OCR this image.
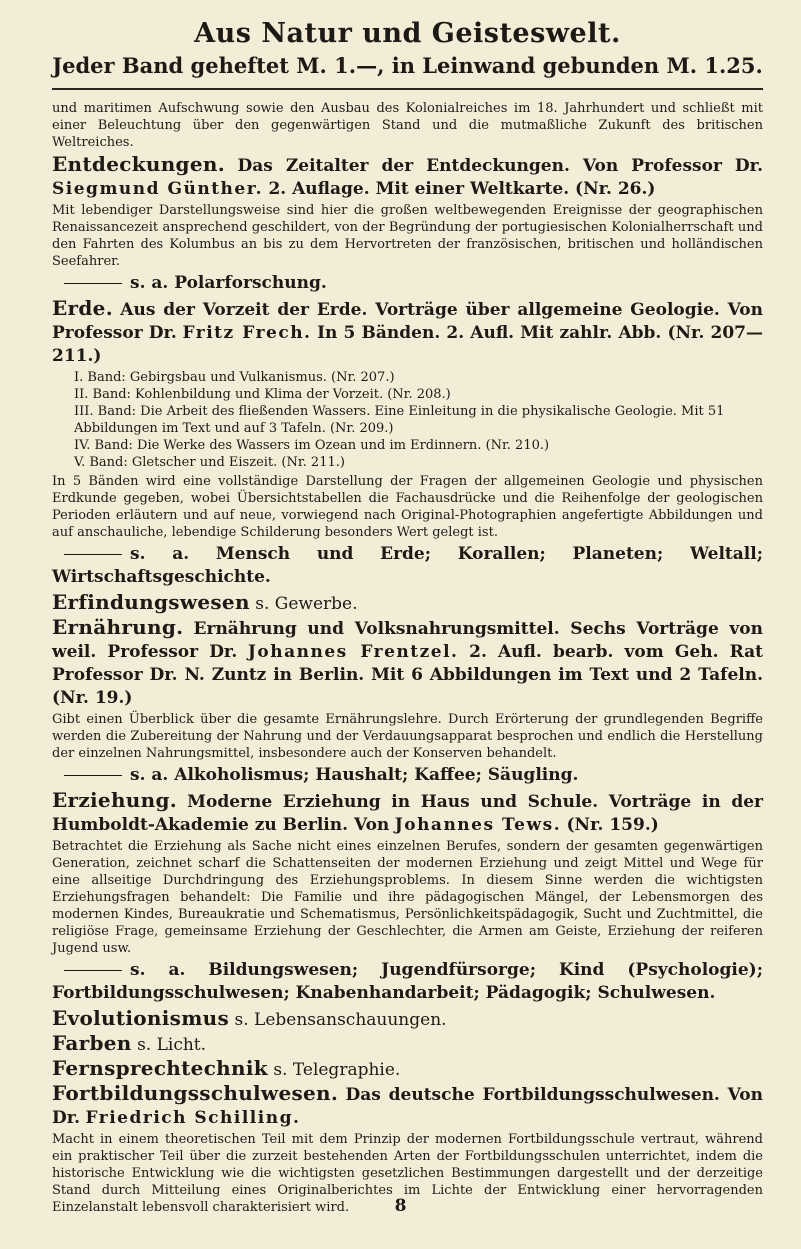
Aus Natur und Geisteswelt.
Jeder Band geheftet M. 1.—, in Leinwand gebunden M. 1.25.

und maritimen Aufschwung sowie den Ausbau des Kolonialreiches im 18. Jahrhundert und schließt mit einer Beleuchtung über den gegenwärtigen Stand und die mutmaßliche Zukunft des britischen Weltreiches.

Entdeckungen. Das Zeitalter der Entdeckungen. Von Professor Dr. Siegmund Günther. 2. Auflage. Mit einer Weltkarte. (Nr. 26.)

Mit lebendiger Darstellungsweise sind hier die großen weltbewegenden Ereignisse der geographischen Renaissancezeit ansprechend geschildert, von der Begründung der portugiesischen Kolonialherrschaft und den Fahrten des Kolumbus an bis zu dem Hervortreten der französischen, britischen und holländischen Seefahrer.

s. a. Polarforschung.

Erde. Aus der Vorzeit der Erde. Vorträge über allgemeine Geologie. Von Professor Dr. Fritz Frech. In 5 Bänden. 2. Aufl. Mit zahlr. Abb. (Nr. 207—211.)

I. Band: Gebirgsbau und Vulkanismus. (Nr. 207.)
II. Band: Kohlenbildung und Klima der Vorzeit. (Nr. 208.)
III. Band: Die Arbeit des fließenden Wassers. Eine Einleitung in die physikalische Geologie. Mit 51 Abbildungen im Text und auf 3 Tafeln. (Nr. 209.)
IV. Band: Die Werke des Wassers im Ozean und im Erdinnern. (Nr. 210.)
V. Band: Gletscher und Eiszeit. (Nr. 211.)

In 5 Bänden wird eine vollständige Darstellung der Fragen der allgemeinen Geologie und physischen Erdkunde gegeben, wobei Übersichtstabellen die Fachausdrücke und die Reihenfolge der geologischen Perioden erläutern und auf neue, vorwiegend nach Original-Photographien angefertigte Abbildungen und auf anschauliche, lebendige Schilderung besonders Wert gelegt ist.

s. a. Mensch und Erde; Korallen; Planeten; Weltall; Wirtschaftsgeschichte.

Erfindungswesen s. Gewerbe.

Ernährung. Ernährung und Volksnahrungsmittel. Sechs Vorträge von weil. Professor Dr. Johannes Frentzel. 2. Aufl. bearb. vom Geh. Rat Professor Dr. N. Zuntz in Berlin. Mit 6 Abbildungen im Text und 2 Tafeln. (Nr. 19.)

Gibt einen Überblick über die gesamte Ernährungslehre. Durch Erörterung der grundlegenden Begriffe werden die Zubereitung der Nahrung und der Verdauungsapparat besprochen und endlich die Herstellung der einzelnen Nahrungsmittel, insbesondere auch der Konserven behandelt.

s. a. Alkoholismus; Haushalt; Kaffee; Säugling.

Erziehung. Moderne Erziehung in Haus und Schule. Vorträge in der Humboldt-Akademie zu Berlin. Von Johannes Tews. (Nr. 159.)

Betrachtet die Erziehung als Sache nicht eines einzelnen Berufes, sondern der gesamten gegenwärtigen Generation, zeichnet scharf die Schattenseiten der modernen Erziehung und zeigt Mittel und Wege für eine allseitige Durchdringung des Erziehungsproblems. In diesem Sinne werden die wichtigsten Erziehungsfragen behandelt: Die Familie und ihre pädagogischen Mängel, der Lebensmorgen des modernen Kindes, Bureaukratie und Schematismus, Persönlichkeitspädagogik, Sucht und Zuchtmittel, die religiöse Frage, gemeinsame Erziehung der Geschlechter, die Armen am Geiste, Erziehung der reiferen Jugend usw.

s. a. Bildungswesen; Jugendfürsorge; Kind (Psychologie); Fortbildungsschulwesen; Knabenhandarbeit; Pädagogik; Schulwesen.

Evolutionismus s. Lebensanschauungen.

Farben s. Licht.

Fernsprechtechnik s. Telegraphie.

Fortbildungsschulwesen. Das deutsche Fortbildungsschulwesen. Von Dr. Friedrich Schilling.

Macht in einem theoretischen Teil mit dem Prinzip der modernen Fortbildungsschule vertraut, während ein praktischer Teil über die zurzeit bestehenden Arten der Fortbildungsschulen unterrichtet, indem die historische Entwicklung wie die wichtigsten gesetzlichen Bestimmungen dargestellt und der derzeitige Stand durch Mitteilung eines Originalberichtes im Lichte der Entwicklung einer hervorragenden Einzelanstalt lebensvoll charakterisiert wird.	8
